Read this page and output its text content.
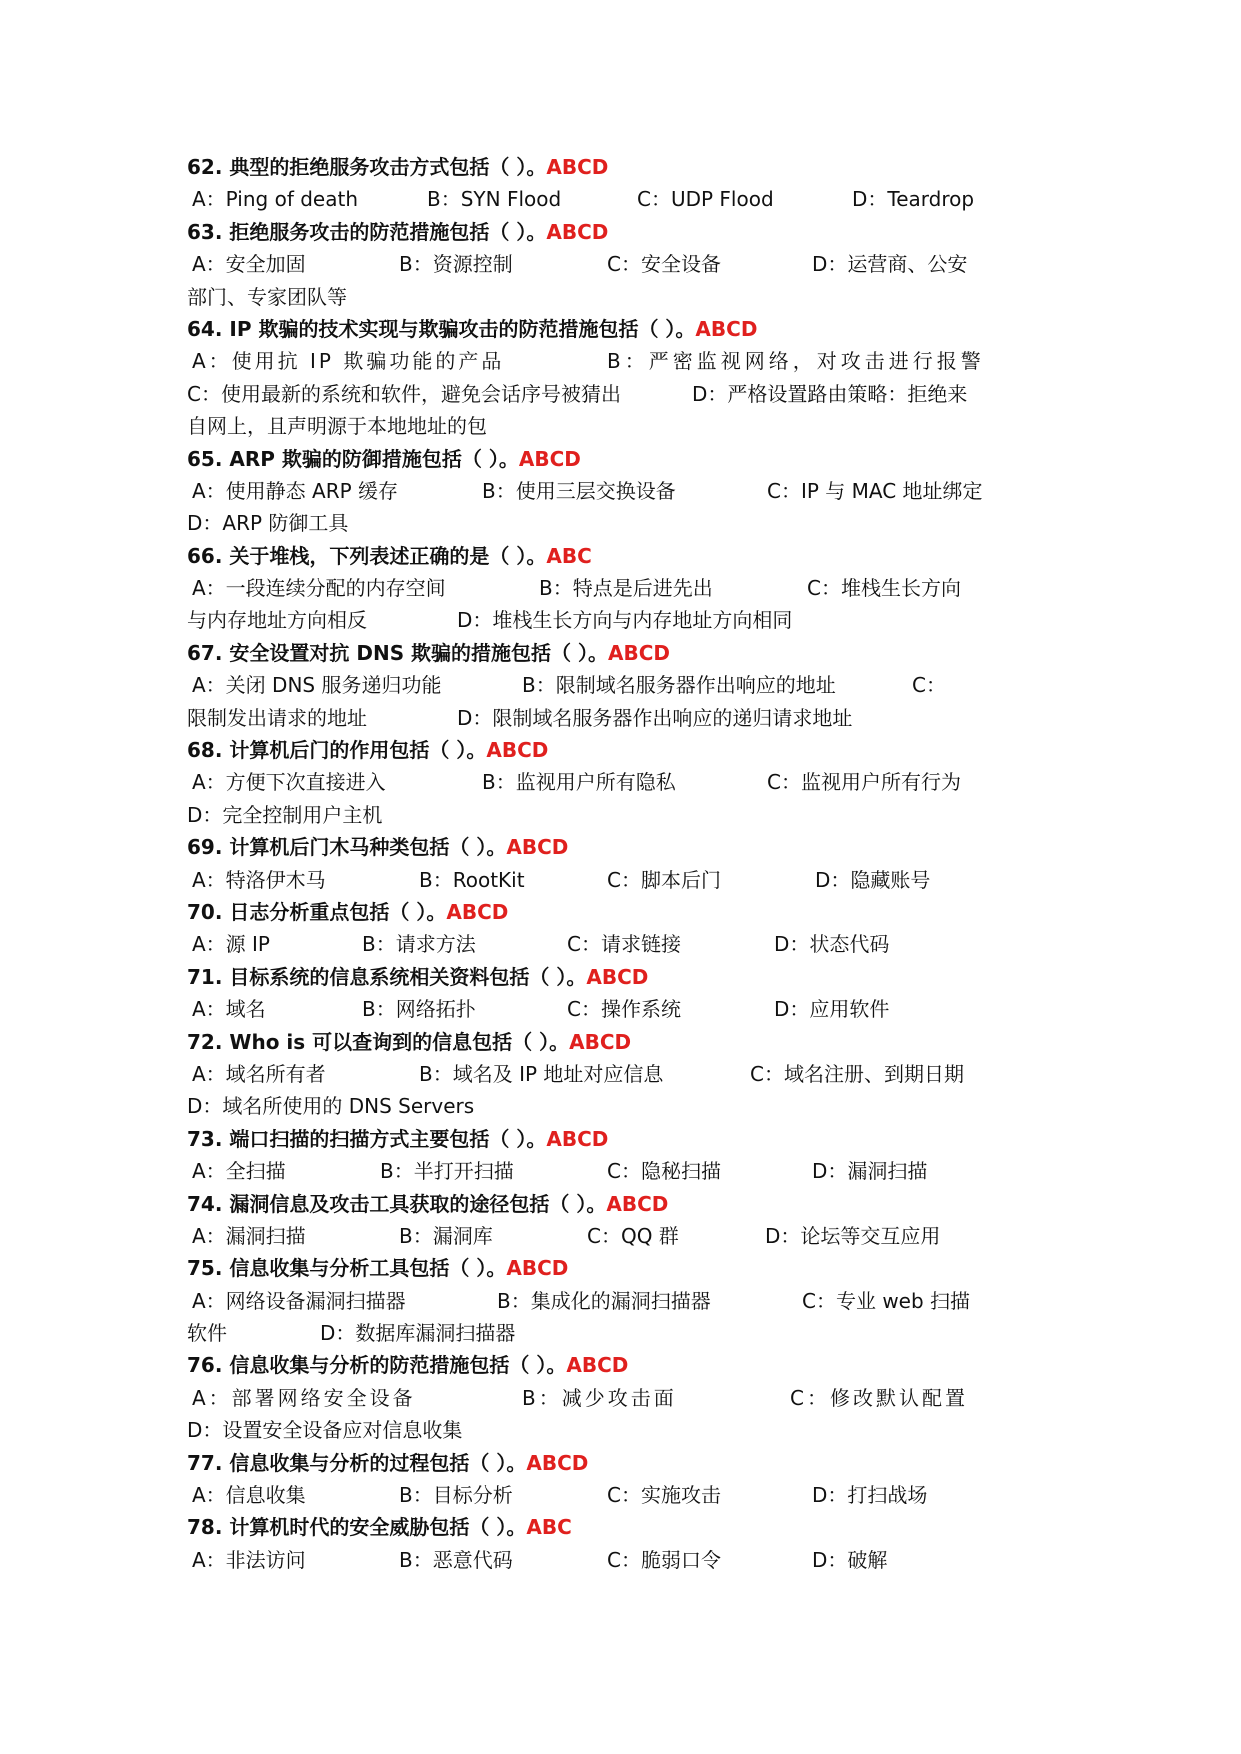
62. 典型的拒绝服务攻击方式包括（ ）。ABCD
A：Ping of death	B：SYN Flood	C：UDP Flood	D：Teardrop
63. 拒绝服务攻击的防范措施包括（ ）。ABCD
A：安全加固	B：资源控制	C：安全设备	D：运营商、公安
部门、专家团队等
64. IP 欺骗的技术实现与欺骗攻击的防范措施包括（ ）。ABCD
A：使用抗 IP 欺骗功能的产品	B：严密监视网络，对攻击进行报警
C：使用最新的系统和软件，避免会话序号被猜出	D：严格设置路由策略：拒绝来
自网上，且声明源于本地地址的包
65. ARP 欺骗的防御措施包括（ ）。ABCD
A：使用静态 ARP 缓存	B：使用三层交换设备	C：IP 与 MAC 地址绑定
D：ARP 防御工具
66. 关于堆栈，下列表述正确的是（ ）。ABC
A：一段连续分配的内存空间	B：特点是后进先出	C：堆栈生长方向
与内存地址方向相反	D：堆栈生长方向与内存地址方向相同
67. 安全设置对抗 DNS 欺骗的措施包括（ ）。ABCD
A：关闭 DNS 服务递归功能	B：限制域名服务器作出响应的地址	C：
限制发出请求的地址	D：限制域名服务器作出响应的递归请求地址
68. 计算机后门的作用包括（ ）。ABCD
A：方便下次直接进入	B：监视用户所有隐私	C：监视用户所有行为
D：完全控制用户主机
69. 计算机后门木马种类包括（ ）。ABCD
A：特洛伊木马	B：RootKit	C：脚本后门	D：隐藏账号
70. 日志分析重点包括（ ）。ABCD
A：源 IP	B：请求方法	C：请求链接	D：状态代码
71. 目标系统的信息系统相关资料包括（ ）。ABCD
A：域名	B：网络拓扑	C：操作系统	D：应用软件
72. Who is 可以查询到的信息包括（ ）。ABCD
A：域名所有者	B：域名及 IP 地址对应信息	C：域名注册、到期日期
D：域名所使用的 DNS Servers
73. 端口扫描的扫描方式主要包括（ ）。ABCD
A：全扫描	B：半打开扫描	C：隐秘扫描	D：漏洞扫描
74. 漏洞信息及攻击工具获取的途径包括（ ）。ABCD
A：漏洞扫描	B：漏洞库	C：QQ 群	D：论坛等交互应用
75. 信息收集与分析工具包括（ ）。ABCD
A：网络设备漏洞扫描器	B：集成化的漏洞扫描器	C：专业 web 扫描
软件	D：数据库漏洞扫描器
76. 信息收集与分析的防范措施包括（ ）。ABCD
A：部署网络安全设备	B：减少攻击面	C：修改默认配置
D：设置安全设备应对信息收集
77. 信息收集与分析的过程包括（ ）。ABCD
A：信息收集	B：目标分析	C：实施攻击	D：打扫战场
78. 计算机时代的安全威胁包括（ ）。ABC
A：非法访问	B：恶意代码	C：脆弱口令	D：破解
